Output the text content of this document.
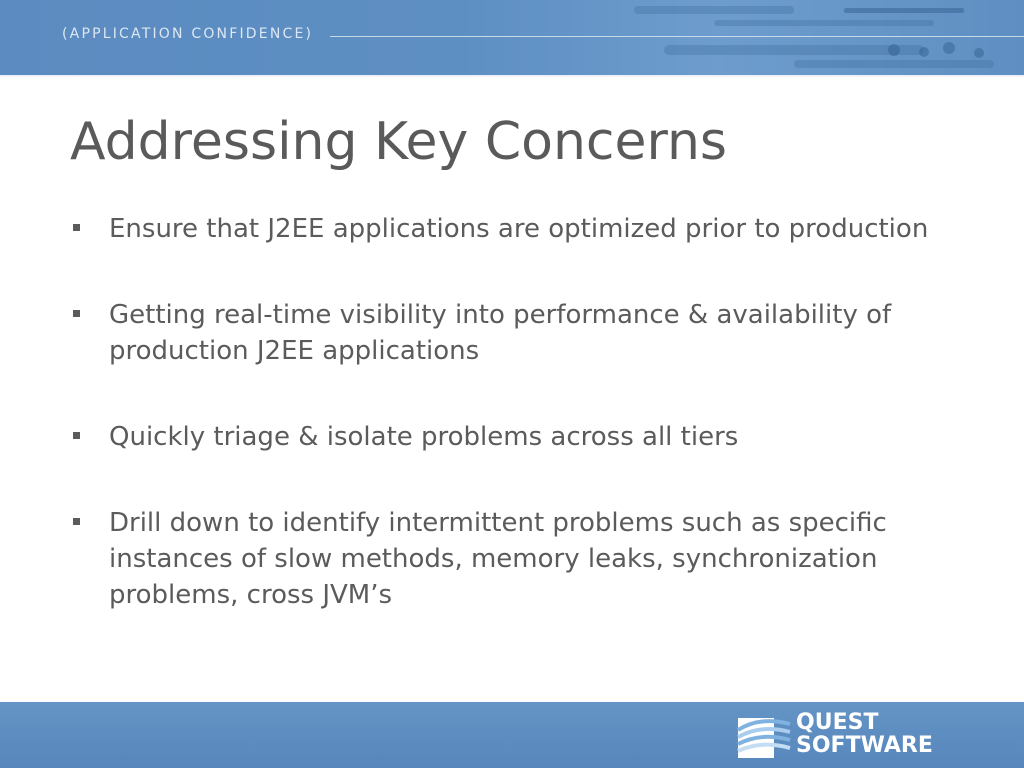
(APPLICATION CONFIDENCE)
Addressing Key Concerns
Ensure that J2EE applications are optimized prior to production
Getting real-time visibility into performance & availability of production J2EE applications
Quickly triage & isolate problems across all tiers
Drill down to identify intermittent problems such as specific instances of slow methods, memory leaks, synchronization problems, cross JVM’s
QUEST
SOFTWARE
